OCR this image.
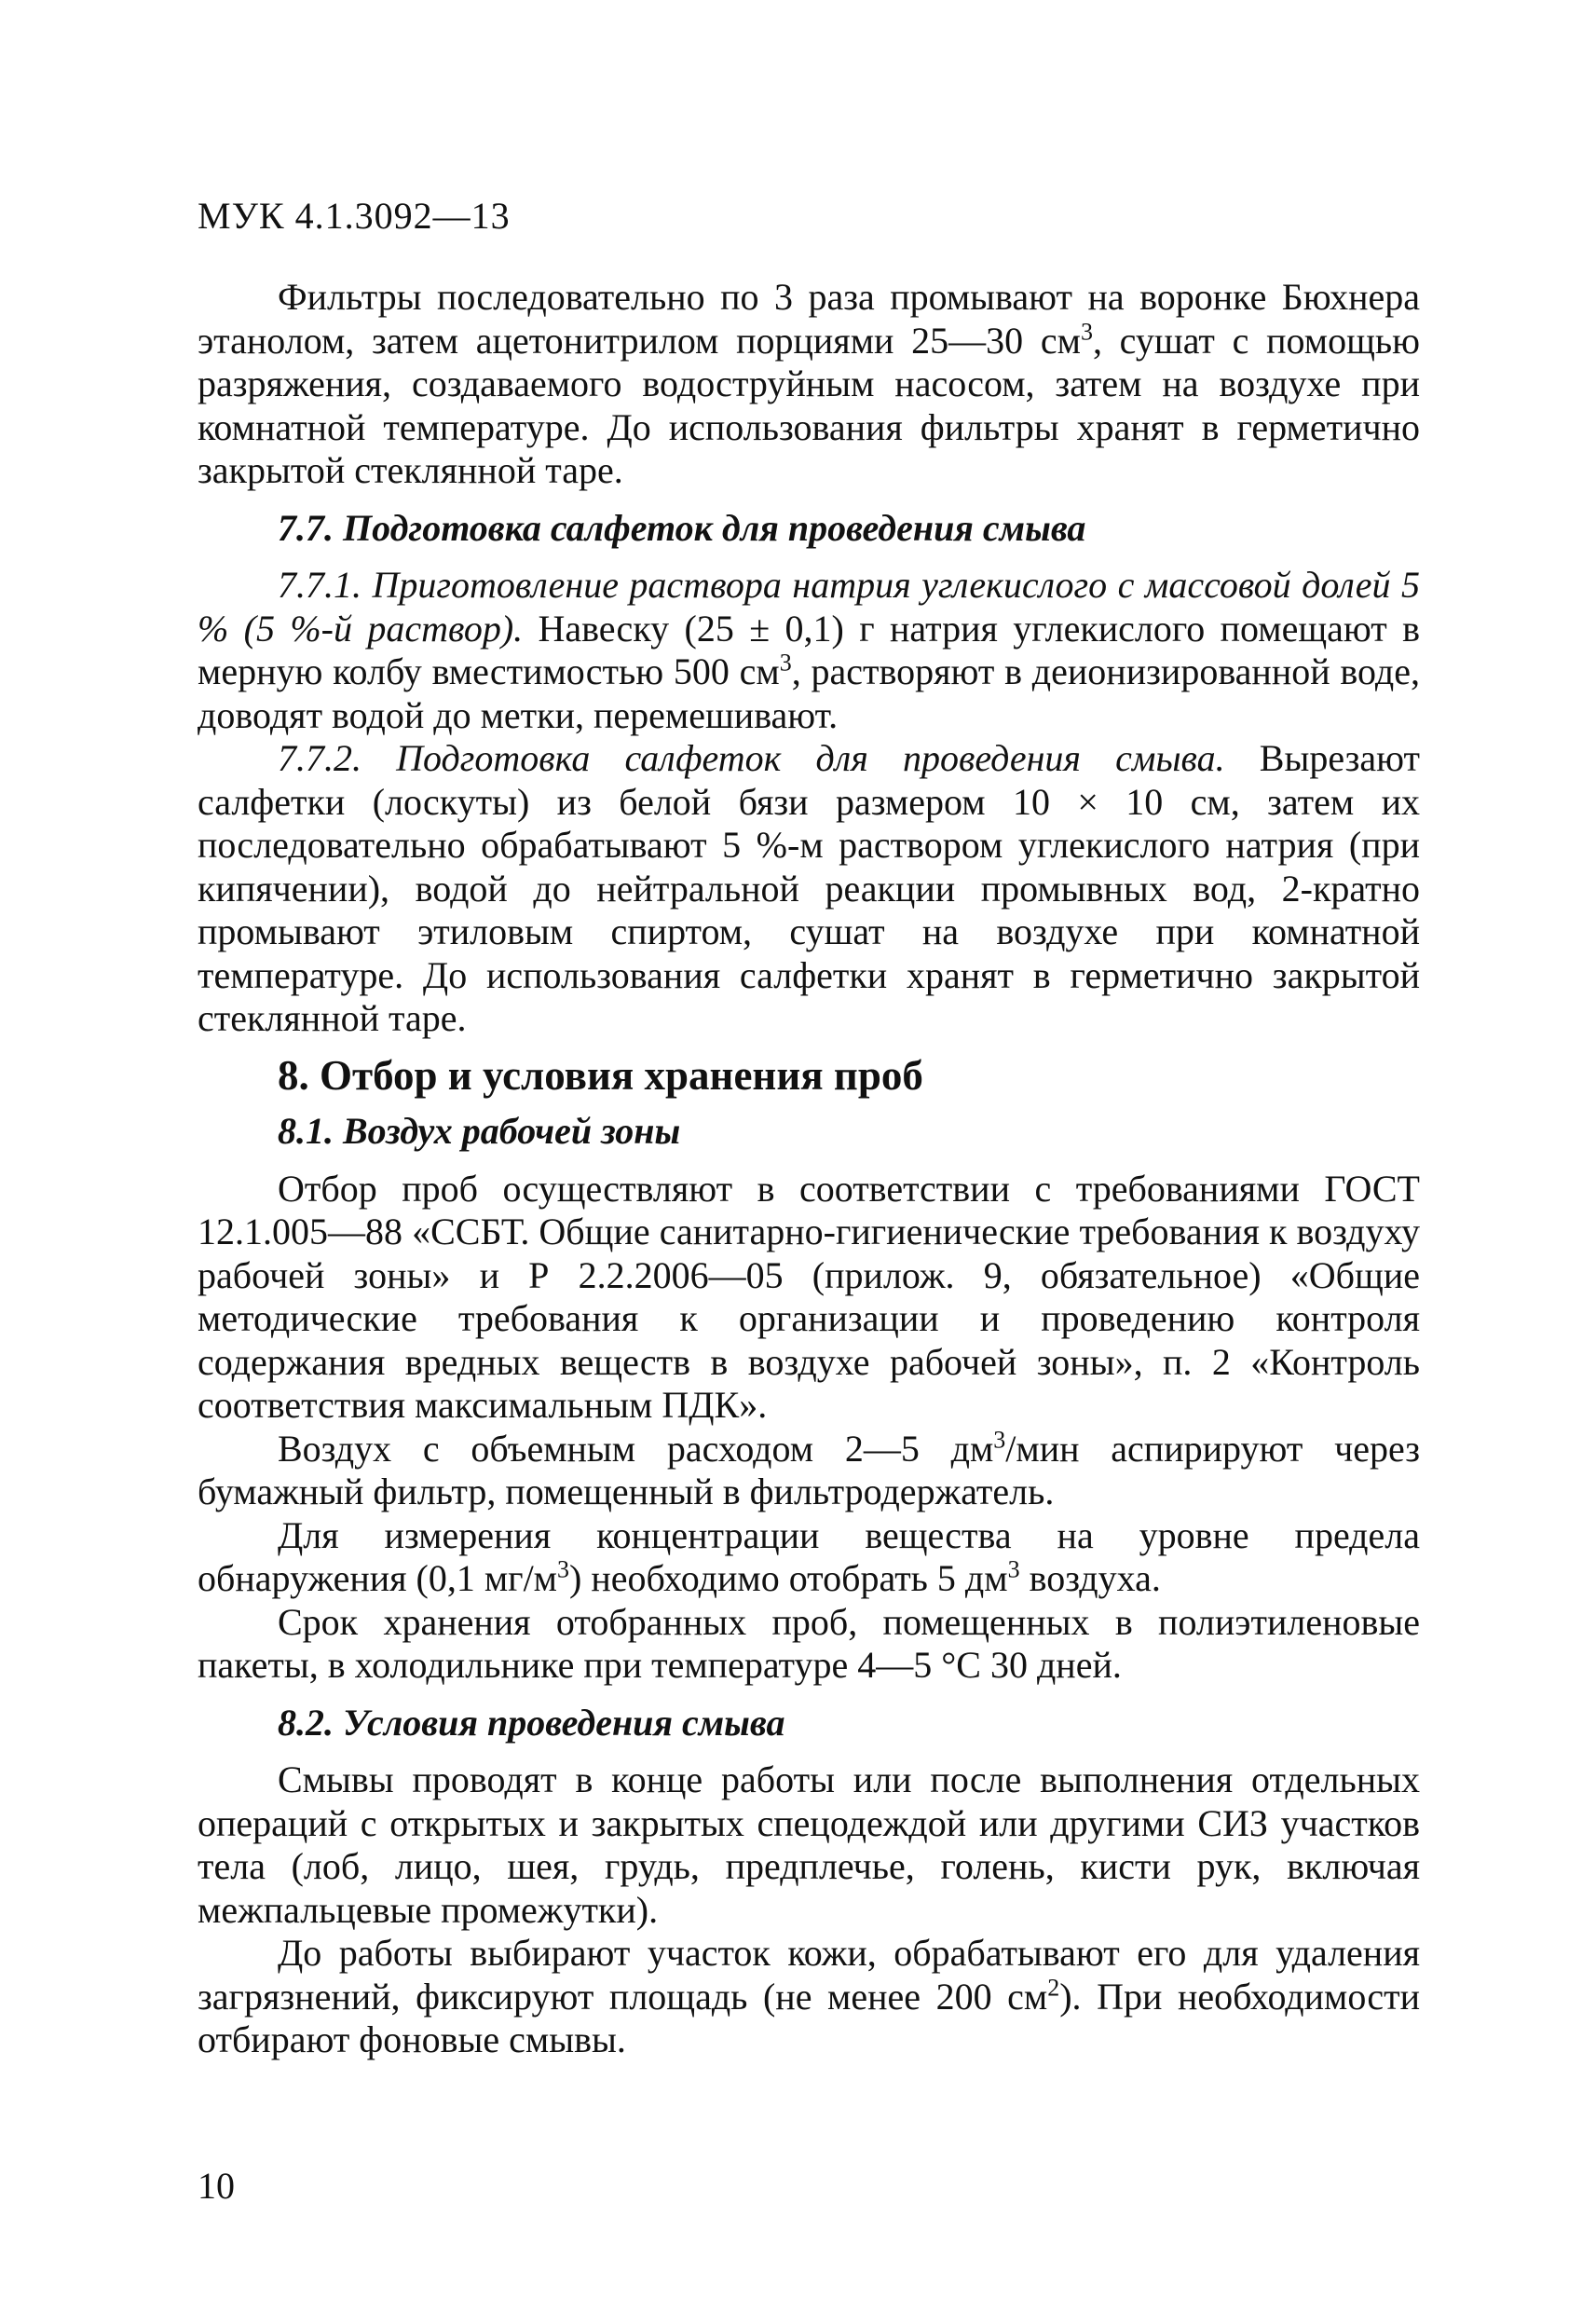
МУК 4.1.3092—13

Фильтры последовательно по 3 раза промывают на воронке Бюхнера этанолом, затем ацетонитрилом порциями 25—30 $см^3$, сушат с помощью разряжения, создаваемого водоструйным насосом, затем на воздухе при комнатной температуре. До использования фильтры хранят в герметично закрытой стеклянной таре.

7.7. Подготовка салфеток для проведения смыва

7.7.1. Приготовление раствора натрия углекислого с массовой долей 5 % (5 %-й раствор). Навеску (25 ± 0,1) г натрия углекислого помещают в мерную колбу вместимостью 500 $см^3$, растворяют в деионизированной воде, доводят водой до метки, перемешивают.

7.7.2. Подготовка салфеток для проведения смыва. Вырезают салфетки (лоскуты) из белой бязи размером 10 × 10 см, затем их последовательно обрабатывают 5 %-м раствором углекислого натрия (при кипячении), водой до нейтральной реакции промывных вод, 2-кратно промывают этиловым спиртом, сушат на воздухе при комнатной температуре. До использования салфетки хранят в герметично закрытой стеклянной таре.

8. Отбор и условия хранения проб

8.1. Воздух рабочей зоны

Отбор проб осуществляют в соответствии с требованиями ГОСТ 12.1.005—88 «ССБТ. Общие санитарно-гигиенические требования к воздуху рабочей зоны» и Р 2.2.2006—05 (прилож. 9, обязательное) «Общие методические требования к организации и проведению контроля содержания вредных веществ в воздухе рабочей зоны», п. 2 «Контроль соответствия максимальным ПДК».

Воздух с объемным расходом 2—5 $дм^3$/мин аспирируют через бумажный фильтр, помещенный в фильтродержатель.

Для измерения концентрации вещества на уровне предела обнаружения (0,1 $мг/м^3$) необходимо отобрать 5 $дм^3$ воздуха.

Срок хранения отобранных проб, помещенных в полиэтиленовые пакеты, в холодильнике при температуре 4—5 °С 30 дней.

8.2. Условия проведения смыва

Смывы проводят в конце работы или после выполнения отдельных операций с открытых и закрытых спецодеждой или другими СИЗ участков тела (лоб, лицо, шея, грудь, предплечье, голень, кисти рук, включая межпальцевые промежутки).

До работы выбирают участок кожи, обрабатывают его для удаления загрязнений, фиксируют площадь (не менее 200 $см^2$). При необходимости отбирают фоновые смывы.

10
